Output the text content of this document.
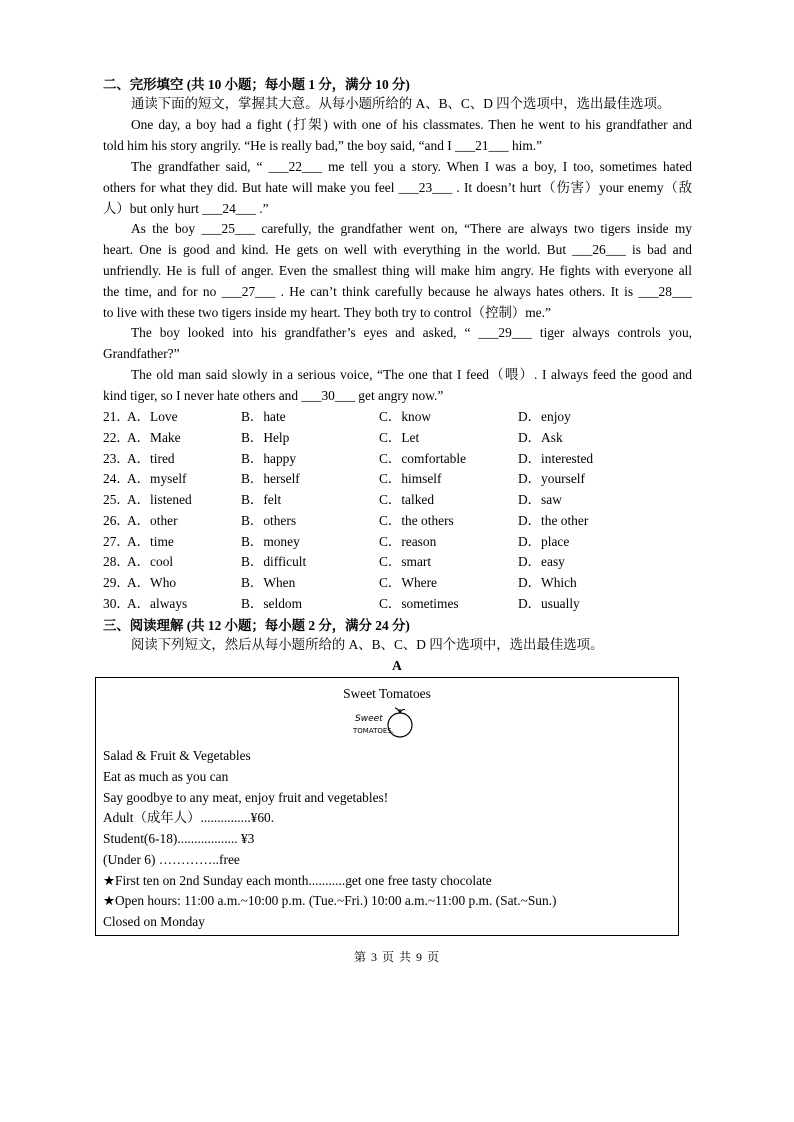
二、完形填空 (共 10 小题；每小题 1 分，满分 10 分)
通读下面的短文，掌握其大意。从每小题所给的 A、B、C、D 四个选项中，选出最佳选项。
One day, a boy had a fight (打架) with one of his classmates. Then he went to his grandfather and
told him his story angrily. “He is really bad,” the boy said, “and I ___21___ him.”
The grandfather said, “ ___22___ me tell you a story. When I was a boy, I too, sometimes hated
others for what they did. But hate will make you feel ___23___ . It doesn’t hurt（伤害）your enemy（敌
人）but only hurt ___24___ .”
As the boy ___25___ carefully, the grandfather went on, “There are always two tigers inside my
heart. One is good and kind. He gets on well with everything in the world. But ___26___ is bad and
unfriendly. He is full of anger. Even the smallest thing will make him angry. He fights with everyone all
the time, and for no ___27___ . He can’t think carefully because he always hates others. It is ___28___
to live with these two tigers inside my heart. They both try to control（控制）me.”
The boy looked into his grandfather’s eyes and asked, “ ___29___ tiger always controls you,
Grandfather?”
The old man said slowly in a serious voice, “The one that I feed（喂）. I always feed the good and
kind tiger, so I never hate others and ___30___ get angry now.”
21．
A．Love	B．hate	C．know	D．enjoy
22．
A．Make	B．Help	C．Let	D．Ask
23．
A．tired	B．happy	C．comfortable	D．interested
24．
A．myself	B．herself	C．himself	D．yourself
25．
A．listened	B．felt	C．talked	D．saw
26．
A．other	B．others	C．the others	D．the other
27．
A．time	B．money	C．reason	D．place
28．
A．cool	B．difficult	C．smart	D．easy
29．
A．Who	B．When	C．Where	D．Which
30．
A．always	B．seldom	C．sometimes	D．usually
三、阅读理解 (共 12 小题；每小题 2 分，满分 24 分)
阅读下列短文，然后从每小题所给的 A、B、C、D 四个选项中，选出最佳选项。
A
Sweet Tomatoes
Sweet
TOMATOES.
Salad & Fruit & Vegetables
Eat as much as you can
Say goodbye to any meat, enjoy fruit and vegetables!
Adult（成年人）...............¥60.
Student(6-18).................. ¥3
(Under 6) …………..free
★First ten on 2nd Sunday each month...........get one free tasty chocolate
★Open hours: 11:00 a.m.~10:00 p.m. (Tue.~Fri.) 10:00 a.m.~11:00 p.m. (Sat.~Sun.)
Closed on Monday
第 3 页 共 9 页
